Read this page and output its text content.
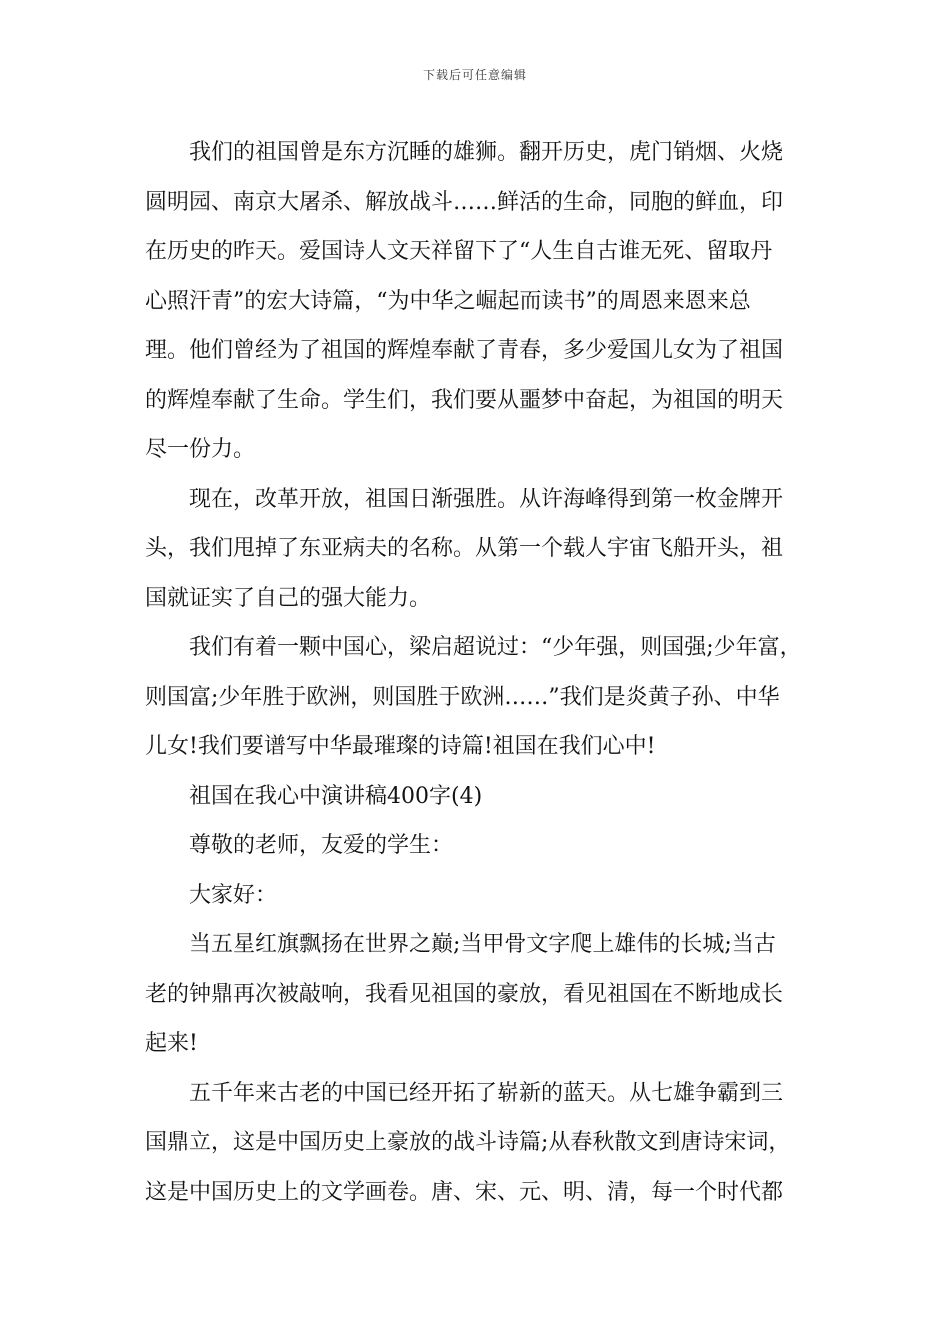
下载后可任意编辑
我们的祖国曾是东方沉睡的雄狮。翻开历史，虎门销烟、火烧
圆明园、南京大屠杀、解放战斗……鲜活的生命，同胞的鲜血，印
在历史的昨天。爱国诗人文天祥留下了“人生自古谁无死、留取丹
心照汗青”的宏大诗篇，“为中华之崛起而读书”的周恩来恩来总
理。他们曾经为了祖国的辉煌奉献了青春，多少爱国儿女为了祖国
的辉煌奉献了生命。学生们，我们要从噩梦中奋起，为祖国的明天
尽一份力。
现在，改革开放，祖国日渐强胜。从许海峰得到第一枚金牌开
头，我们甩掉了东亚病夫的名称。从第一个载人宇宙飞船开头，祖
国就证实了自己的强大能力。
我们有着一颗中国心，梁启超说过：“少年强，则国强;少年富，
则国富;少年胜于欧洲，则国胜于欧洲……”我们是炎黄子孙、中华
儿女!我们要谱写中华最璀璨的诗篇!祖国在我们心中!
祖国在我心中演讲稿400字(4)
尊敬的老师，友爱的学生：
大家好：
当五星红旗飘扬在世界之巅;当甲骨文字爬上雄伟的长城;当古
老的钟鼎再次被敲响，我看见祖国的豪放，看见祖国在不断地成长
起来!
五千年来古老的中国已经开拓了崭新的蓝天。从七雄争霸到三
国鼎立，这是中国历史上豪放的战斗诗篇;从春秋散文到唐诗宋词，
这是中国历史上的文学画卷。唐、宋、元、明、清，每一个时代都
